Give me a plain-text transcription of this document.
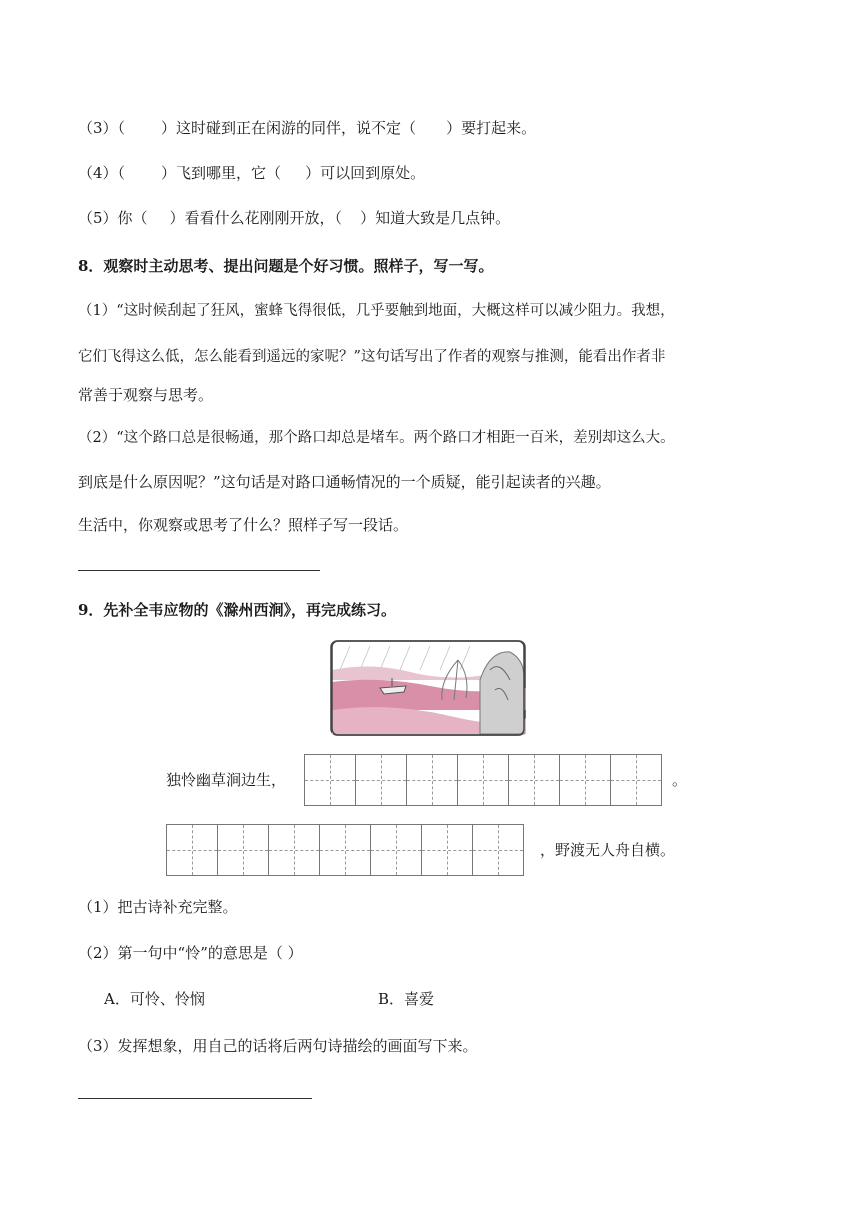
（3）（ ）这时碰到正在闲游的同伴，说不定（ ）要打起来。
（4）（ ）飞到哪里，它（ ）可以回到原处。
（5）你（ ）看看什么花刚刚开放，（ ）知道大致是几点钟。
8．观察时主动思考、提出问题是个好习惯。照样子，写一写。
（1）“这时候刮起了狂风，蜜蜂飞得很低，几乎要触到地面，大概这样可以减少阻力。我想，
它们飞得这么低，怎么能看到遥远的家呢？”这句话写出了作者的观察与推测，能看出作者非
常善于观察与思考。
（2）“这个路口总是很畅通，那个路口却总是堵车。两个路口才相距一百米，差别却这么大。
到底是什么原因呢？”这句话是对路口通畅情况的一个质疑，能引起读者的兴趣。
生活中，你观察或思考了什么？照样子写一段话。
9．先补全韦应物的《滁州西涧》，再完成练习。
独怜幽草涧边生，	。
，野渡无人舟自横。
（1）把古诗补充完整。
（2）第一句中“怜”的意思是（ ）
A．可怜、怜悯	B．喜爱
（3）发挥想象，用自己的话将后两句诗描绘的画面写下来。
